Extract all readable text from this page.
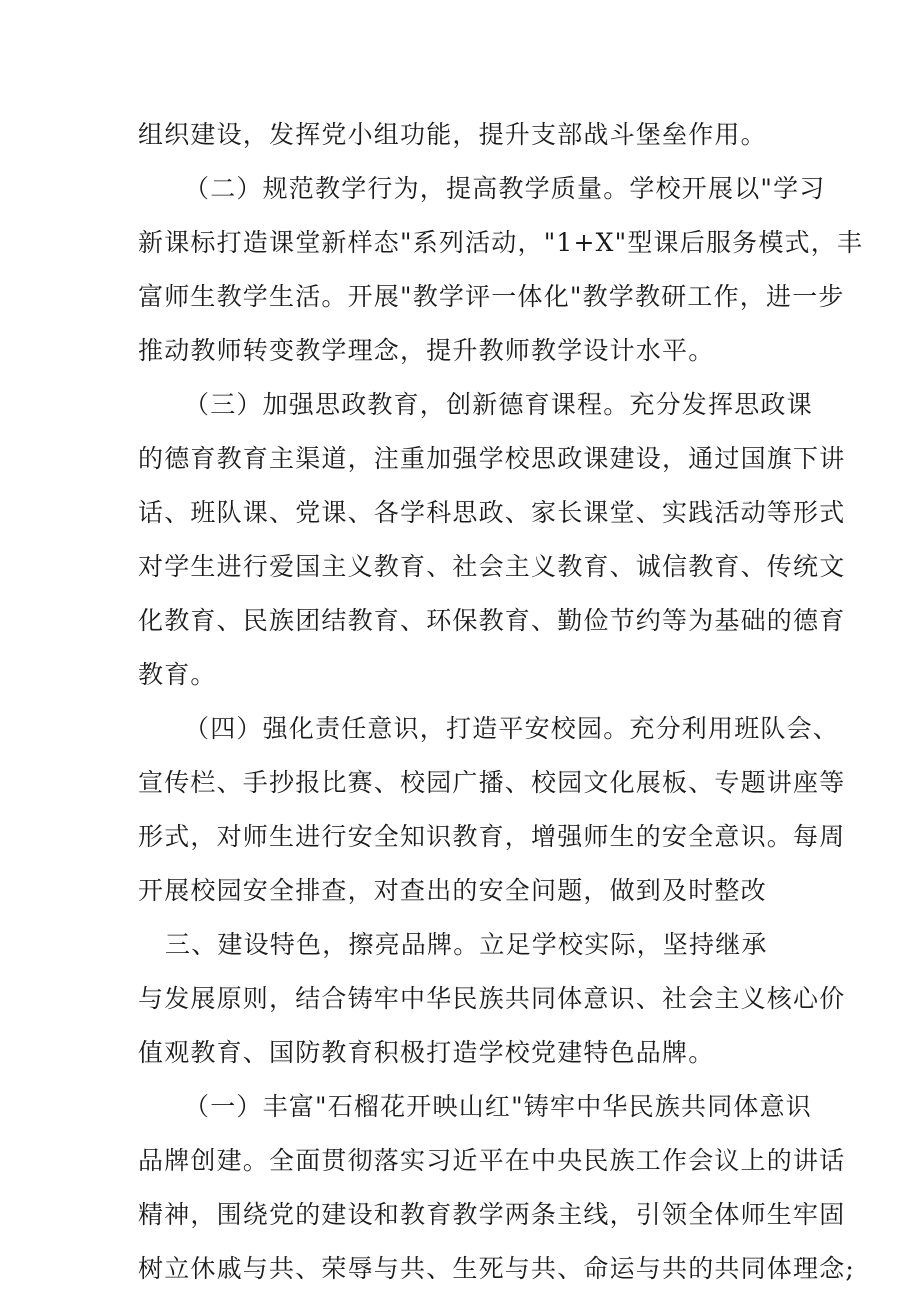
组织建设，发挥党小组功能，提升支部战斗堡垒作用。
（二）规范教学行为，提高教学质量。学校开展以"学习
新课标打造课堂新样态"系列活动，"1+X"型课后服务模式，丰
富师生教学生活。开展"教学评一体化"教学教研工作，进一步
推动教师转变教学理念，提升教师教学设计水平。
（三）加强思政教育，创新德育课程。充分发挥思政课
的德育教育主渠道，注重加强学校思政课建设，通过国旗下讲
话、班队课、党课、各学科思政、家长课堂、实践活动等形式
对学生进行爱国主义教育、社会主义教育、诚信教育、传统文
化教育、民族团结教育、环保教育、勤俭节约等为基础的德育
教育。
（四）强化责任意识，打造平安校园。充分利用班队会、
宣传栏、手抄报比赛、校园广播、校园文化展板、专题讲座等
形式，对师生进行安全知识教育，增强师生的安全意识。每周
开展校园安全排查，对查出的安全问题，做到及时整改
三、建设特色，擦亮品牌。立足学校实际，坚持继承
与发展原则，结合铸牢中华民族共同体意识、社会主义核心价
值观教育、国防教育积极打造学校党建特色品牌。
（一）丰富"石榴花开映山红"铸牢中华民族共同体意识
品牌创建。全面贯彻落实习近平在中央民族工作会议上的讲话
精神，围绕党的建设和教育教学两条主线，引领全体师生牢固
树立休戚与共、荣辱与共、生死与共、命运与共的共同体理念;
